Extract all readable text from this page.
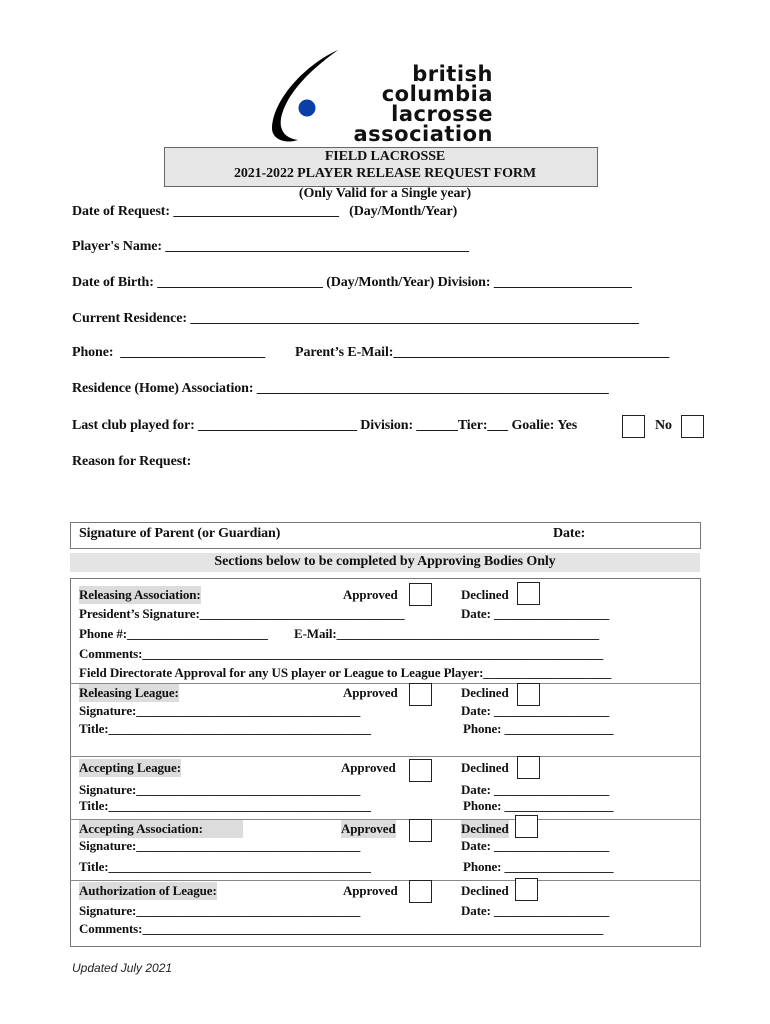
british
columbia
lacrosse
association
FIELD LACROSSE
2021-2022 PLAYER RELEASE REQUEST FORM
(Only Valid for a Single year)
Date of Request: ________________________   (Day/Month/Year)
Player's Name: ____________________________________________
Date of Birth: ________________________ (Day/Month/Year) Division: ____________________
Current Residence: _________________________________________________________________
Phone:  _____________________ Parent’s E-Mail:________________________________________
Residence (Home) Association: ___________________________________________________
Last club played for: _______________________ Division: ______Tier:___ Goalie: Yes	No
Reason for Request:
Signature of Parent (or Guardian)	Date:
Sections below to be completed by Approving Bodies Only
Releasing Association:	Approved	Declined
President’s Signature:________________________________	Date: __________________
Phone #:______________________ E-Mail:_________________________________________
Comments:________________________________________________________________________
Field Directorate Approval for any US player or League to League Player:____________________
Releasing League:	Approved	Declined
Signature:___________________________________	Date: __________________
Title:_________________________________________	Phone: _________________
Accepting League:	Approved	Declined
Signature:___________________________________	Date: __________________
Title:_________________________________________	Phone: _________________
Accepting Association:	Approved	Declined
Signature:___________________________________	Date: __________________
Title:_________________________________________	Phone: _________________
Authorization of League:	Approved	Declined
Signature:___________________________________	Date: __________________
Comments:________________________________________________________________________
Updated July 2021
